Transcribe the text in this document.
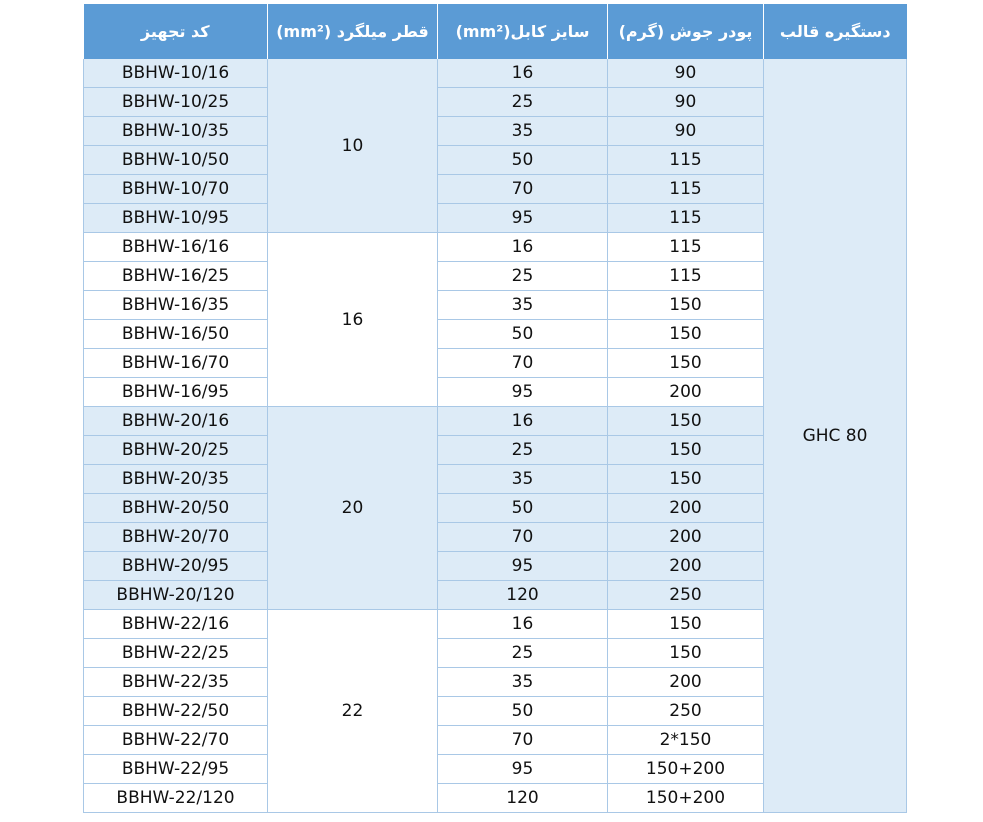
کد تجهیز	قطر میلگرد (mm²)	سایز کابل(mm²)	پودر جوش (گرم)	دستگیره قالب
BBHW-10/16	10	16	90	GHC 80
BBHW-10/25		25	90	
BBHW-10/35		35	90	
BBHW-10/50		50	115	
BBHW-10/70		70	115	
BBHW-10/95		95	115	
BBHW-16/16	16	16	115	
BBHW-16/25		25	115	
BBHW-16/35		35	150	
BBHW-16/50		50	150	
BBHW-16/70		70	150	
BBHW-16/95		95	200	
BBHW-20/16	20	16	150	
BBHW-20/25		25	150	
BBHW-20/35		35	150	
BBHW-20/50		50	200	
BBHW-20/70		70	200	
BBHW-20/95		95	200	
BBHW-20/120		120	250	
BBHW-22/16	22	16	150	
BBHW-22/25		25	150	
BBHW-22/35		35	200	
BBHW-22/50		50	250	
BBHW-22/70		70	2*150	
BBHW-22/95		95	150+200	
BBHW-22/120		120	150+200	
